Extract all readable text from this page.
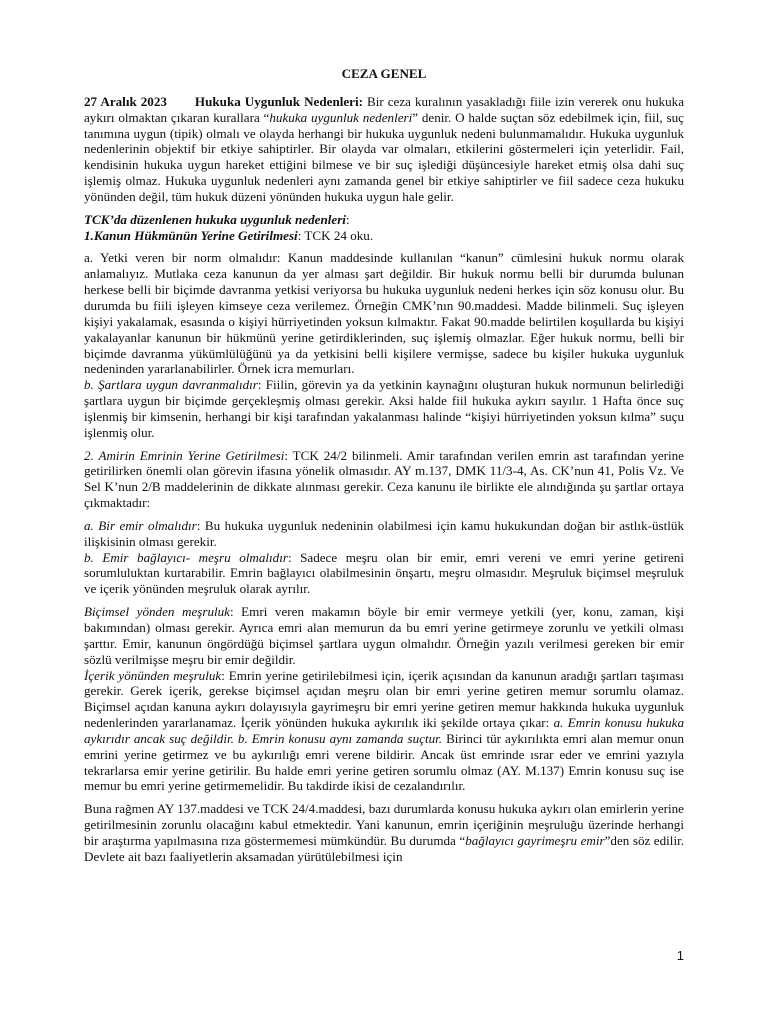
CEZA GENEL

27 Aralık 2023 Hukuka Uygunluk Nedenleri: Bir ceza kuralının yasakladığı fiile izin vererek onu hukuka aykırı olmaktan çıkaran kurallara “hukuka uygunluk nedenleri” denir. O halde suçtan söz edebilmek için, fiil, suç tanımına uygun (tipik) olmalı ve olayda herhangi bir hukuka uygunluk nedeni bulunmamalıdır. Hukuka uygunluk nedenlerinin objektif bir etkiye sahiptirler. Bir olayda var olmaları, etkilerini göstermeleri için yeterlidir. Fail, kendisinin hukuka uygun hareket ettiğini bilmese ve bir suç işlediği düşüncesiyle hareket etmiş olsa dahi suç işlemiş olmaz. Hukuka uygunluk nedenleri aynı zamanda genel bir etkiye sahiptirler ve fiil sadece ceza hukuku yönünden değil, tüm hukuk düzeni yönünden hukuka uygun hale gelir.

TCK’da düzenlenen hukuka uygunluk nedenleri:

1.Kanun Hükmünün Yerine Getirilmesi: TCK 24 oku.

a. Yetki veren bir norm olmalıdır: Kanun maddesinde kullanılan “kanun” cümlesini hukuk normu olarak anlamalıyız. Mutlaka ceza kanunun da yer alması şart değildir. Bir hukuk normu belli bir durumda bulunan herkese belli bir biçimde davranma yetkisi veriyorsa bu hukuka uygunluk nedeni herkes için söz konusu olur. Bu durumda bu fiili işleyen kimseye ceza verilemez. Örneğin CMK’nın 90.maddesi. Madde bilinmeli. Suç işleyen kişiyi yakalamak, esasında o kişiyi hürriyetinden yoksun kılmaktır. Fakat 90.madde belirtilen koşullarda bu kişiyi yakalayanlar kanunun bir hükmünü yerine getirdiklerinden, suç işlemiş olmazlar. Eğer hukuk normu, belli bir biçimde davranma yükümlülüğünü ya da yetkisini belli kişilere vermişse, sadece bu kişiler hukuka uygunluk nedeninden yararlanabilirler. Örnek icra memurları.

b. Şartlara uygun davranmalıdır: Fiilin, görevin ya da yetkinin kaynağını oluşturan hukuk normunun belirlediği şartlara uygun bir biçimde gerçekleşmiş olması gerekir. Aksi halde fiil hukuka aykırı sayılır. 1 Hafta önce suç işlenmiş bir kimsenin, herhangi bir kişi tarafından yakalanması halinde “kişiyi hürriyetinden yoksun kılma” suçu işlenmiş olur.

2. Amirin Emrinin Yerine Getirilmesi: TCK 24/2 bilinmeli. Amir tarafından verilen emrin ast tarafından yerine getirilirken önemli olan görevin ifasına yönelik olmasıdır. AY m.137, DMK 11/3-4, As. CK’nun 41, Polis Vz. Ve Sel K’nun 2/B maddelerinin de dikkate alınması gerekir. Ceza kanunu ile birlikte ele alındığında şu şartlar ortaya çıkmaktadır:

a. Bir emir olmalıdır: Bu hukuka uygunluk nedeninin olabilmesi için kamu hukukundan doğan bir astlık-üstlük ilişkisinin olması gerekir.

b. Emir bağlayıcı- meşru olmalıdır: Sadece meşru olan bir emir, emri vereni ve emri yerine getireni sorumluluktan kurtarabilir. Emrin bağlayıcı olabilmesinin önşartı, meşru olmasıdır. Meşruluk biçimsel meşruluk ve içerik yönünden meşruluk olarak ayrılır.

Biçimsel yönden meşruluk: Emri veren makamın böyle bir emir vermeye yetkili (yer, konu, zaman, kişi bakımından) olması gerekir. Ayrıca emri alan memurun da bu emri yerine getirmeye zorunlu ve yetkili olması şarttır. Emir, kanunun öngördüğü biçimsel şartlara uygun olmalıdır. Örneğin yazılı verilmesi gereken bir emir sözlü verilmişse meşru bir emir değildir.

İçerik yönünden meşruluk: Emrin yerine getirilebilmesi için, içerik açısından da kanunun aradığı şartları taşıması gerekir. Gerek içerik, gerekse biçimsel açıdan meşru olan bir emri yerine getiren memur sorumlu olamaz. Biçimsel açıdan kanuna aykırı dolayısıyla gayrimeşru bir emri yerine getiren memur hakkında hukuka uygunluk nedenlerinden yararlanamaz. İçerik yönünden hukuka aykırılık iki şekilde ortaya çıkar: a. Emrin konusu hukuka aykırıdır ancak suç değildir. b. Emrin konusu aynı zamanda suçtur. Birinci tür aykırılıkta emri alan memur onun emrini yerine getirmez ve bu aykırılığı emri verene bildirir. Ancak üst emrinde ısrar eder ve emrini yazıyla tekrarlarsa emir yerine getirilir. Bu halde emri yerine getiren sorumlu olmaz (AY. M.137) Emrin konusu suç ise memur bu emri yerine getirmemelidir. Bu takdirde ikisi de cezalandırılır.

Buna rağmen AY 137.maddesi ve TCK 24/4.maddesi, bazı durumlarda konusu hukuka aykırı olan emirlerin yerine getirilmesinin zorunlu olacağını kabul etmektedir. Yani kanunun, emrin içeriğinin meşruluğu üzerinde herhangi bir araştırma yapılmasına rıza göstermemesi mümkündür. Bu durumda “bağlayıcı gayrimeşru emir”den söz edilir. Devlete ait bazı faaliyetlerin aksamadan yürütülebilmesi için

1
